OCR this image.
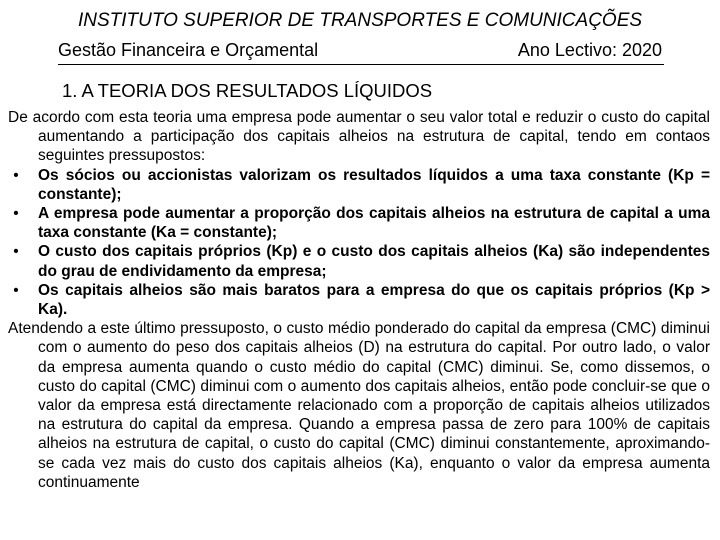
INSTITUTO SUPERIOR DE TRANSPORTES E COMUNICAÇÕES
Gestão Financeira e Orçamental	Ano Lectivo: 2020
1. A TEORIA DOS RESULTADOS LÍQUIDOS

De acordo com esta teoria uma empresa pode aumentar o seu valor total e reduzir o custo do capital aumentando a participação dos capitais alheios na estrutura de capital, tendo em contaos seguintes pressupostos:

•	Os sócios ou accionistas valorizam os resultados líquidos a uma taxa constante (Kp = constante);
•	A empresa pode aumentar a proporção dos capitais alheios na estrutura de capital a uma taxa constante (Ka = constante);
•	O custo dos capitais próprios (Kp) e o custo dos capitais alheios (Ka) são independentes do grau de endividamento da empresa;
•	Os capitais alheios são mais baratos para a empresa do que os capitais próprios (Kp > Ka).

Atendendo a este último pressuposto, o custo médio ponderado do capital da empresa (CMC) diminui com o aumento do peso dos capitais alheios (D) na estrutura do capital. Por outro lado, o valor da empresa aumenta quando o custo médio do capital (CMC) diminui. Se, como dissemos, o custo do capital (CMC) diminui com o aumento dos capitais alheios, então pode concluir-se que o valor da empresa está directamente relacionado com a proporção de capitais alheios utilizados na estrutura do capital da empresa. Quando a empresa passa de zero para 100% de capitais alheios na estrutura de capital, o custo do capital (CMC) diminui constantemente, aproximando-se cada vez mais do custo dos capitais alheios (Ka), enquanto o valor da empresa aumenta continuamente
